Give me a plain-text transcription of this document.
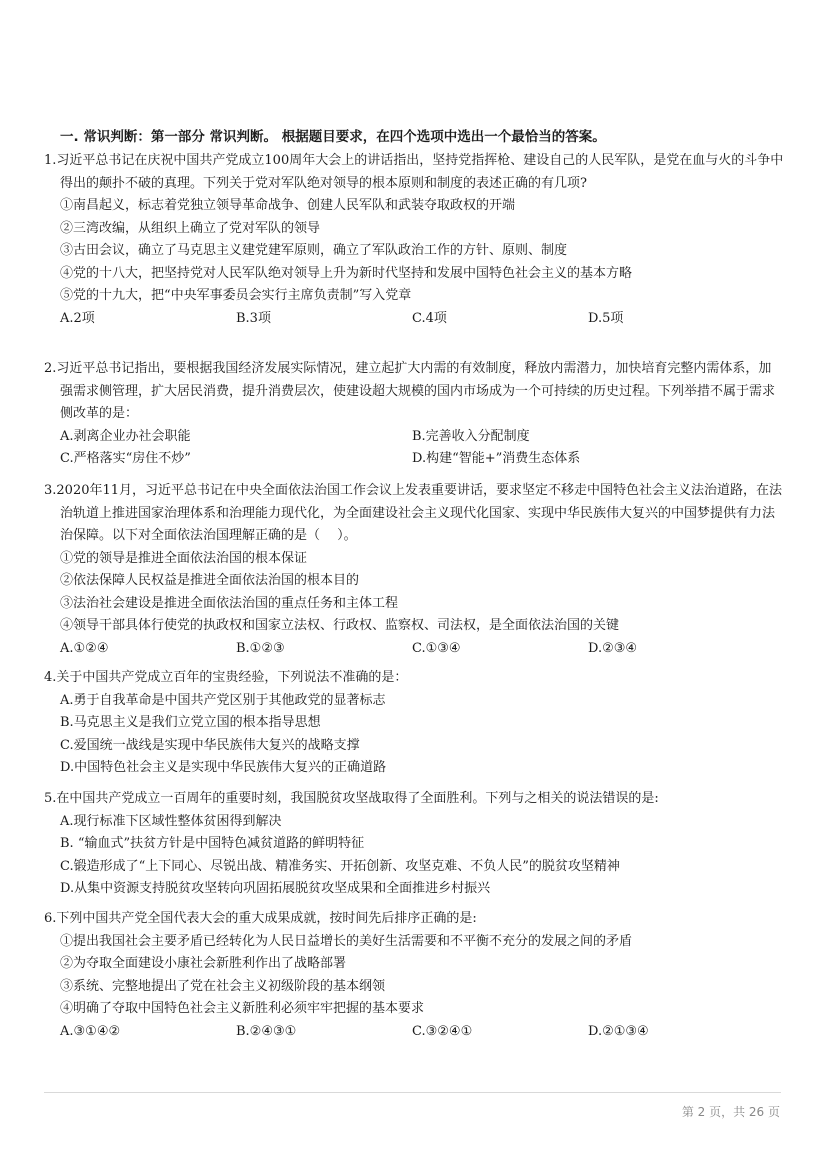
一. 常识判断：第一部分 常识判断。 根据题目要求，在四个选项中选出一个最恰当的答案。

1.习近平总书记在庆祝中国共产党成立100周年大会上的讲话指出，坚持党指挥枪、建设自己的人民军队，是党在血与火的斗争中得出的颠扑不破的真理。下列关于党对军队绝对领导的根本原则和制度的表述正确的有几项?

①南昌起义，标志着党独立领导革命战争、创建人民军队和武装夺取政权的开端

②三湾改编，从组织上确立了党对军队的领导

③古田会议，确立了马克思主义建党建军原则，确立了军队政治工作的方针、原则、制度

④党的十八大，把坚持党对人民军队绝对领导上升为新时代坚持和发展中国特色社会主义的基本方略

⑤党的十九大，把“中央军事委员会实行主席负责制”写入党章

A.2项	B.3项	C.4项	D.5项

2.习近平总书记指出，要根据我国经济发展实际情况，建立起扩大内需的有效制度，释放内需潜力，加快培育完整内需体系，加强需求侧管理，扩大居民消费，提升消费层次，使建设超大规模的国内市场成为一个可持续的历史过程。下列举措不属于需求侧改革的是：

A.剥离企业办社会职能	B.完善收入分配制度
C.严格落实“房住不炒”	D.构建“智能+”消费生态体系

3.2020年11月，习近平总书记在中央全面依法治国工作会议上发表重要讲话，要求坚定不移走中国特色社会主义法治道路，在法治轨道上推进国家治理体系和治理能力现代化，为全面建设社会主义现代化国家、实现中华民族伟大复兴的中国梦提供有力法治保障。以下对全面依法治国理解正确的是（　 ）。

①党的领导是推进全面依法治国的根本保证

②依法保障人民权益是推进全面依法治国的根本目的

③法治社会建设是推进全面依法治国的重点任务和主体工程

④领导干部具体行使党的执政权和国家立法权、行政权、监察权、司法权，是全面依法治国的关键

A.①②④	B.①②③	C.①③④	D.②③④

4.关于中国共产党成立百年的宝贵经验，下列说法不准确的是：

A.勇于自我革命是中国共产党区别于其他政党的显著标志
B.马克思主义是我们立党立国的根本指导思想
C.爱国统一战线是实现中华民族伟大复兴的战略支撑
D.中国特色社会主义是实现中华民族伟大复兴的正确道路

5.在中国共产党成立一百周年的重要时刻，我国脱贫攻坚战取得了全面胜利。下列与之相关的说法错误的是:

A.现行标准下区域性整体贫困得到解决
B. “输血式”扶贫方针是中国特色减贫道路的鲜明特征
C.锻造形成了“上下同心、尽锐出战、精准务实、开拓创新、攻坚克难、不负人民”的脱贫攻坚精神
D.从集中资源支持脱贫攻坚转向巩固拓展脱贫攻坚成果和全面推进乡村振兴

6.下列中国共产党全国代表大会的重大成果成就，按时间先后排序正确的是:

①提出我国社会主要矛盾已经转化为人民日益增长的美好生活需要和不平衡不充分的发展之间的矛盾

②为夺取全面建设小康社会新胜利作出了战略部署

③系统、完整地提出了党在社会主义初级阶段的基本纲领

④明确了夺取中国特色社会主义新胜利必须牢牢把握的基本要求

A.③①④②	B.②④③①	C.③②④①	D.②①③④
第 2 页，共 26 页
